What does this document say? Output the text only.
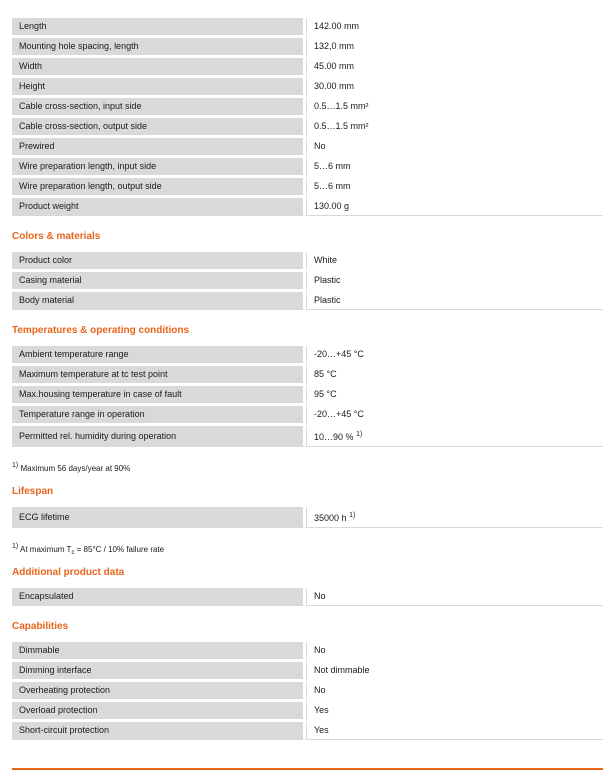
Length	142.00 mm
Mounting hole spacing, length	132,0 mm
Width	45.00 mm
Height	30.00 mm
Cable cross-section, input side	0.5…1.5 mm²
Cable cross-section, output side	0.5…1.5 mm²
Prewired	No
Wire preparation length, input side	5…6 mm
Wire preparation length, output side	5…6 mm
Product weight	130.00 g
Colors & materials
Product color	White
Casing material	Plastic
Body material	Plastic
Temperatures & operating conditions
Ambient temperature range	-20…+45 °C
Maximum temperature at tc test point	85 °C
Max.housing temperature in case of fault	95 °C
Temperature range in operation	-20…+45 °C
Permitted rel. humidity during operation	10…90 % $^{1)}$
$^{1)}$ Maximum 56 days/year at 90%
Lifespan
ECG lifetime	35000 h $^{1)}$
$^{1)}$ At maximum $T_c = 85^\circ C / 10\%$ failure rate
Additional product data
Encapsulated	No
Capabilities
Dimmable	No
Dimming interface	Not dimmable
Overheating protection	No
Overload protection	Yes
Short-circuit protection	Yes
